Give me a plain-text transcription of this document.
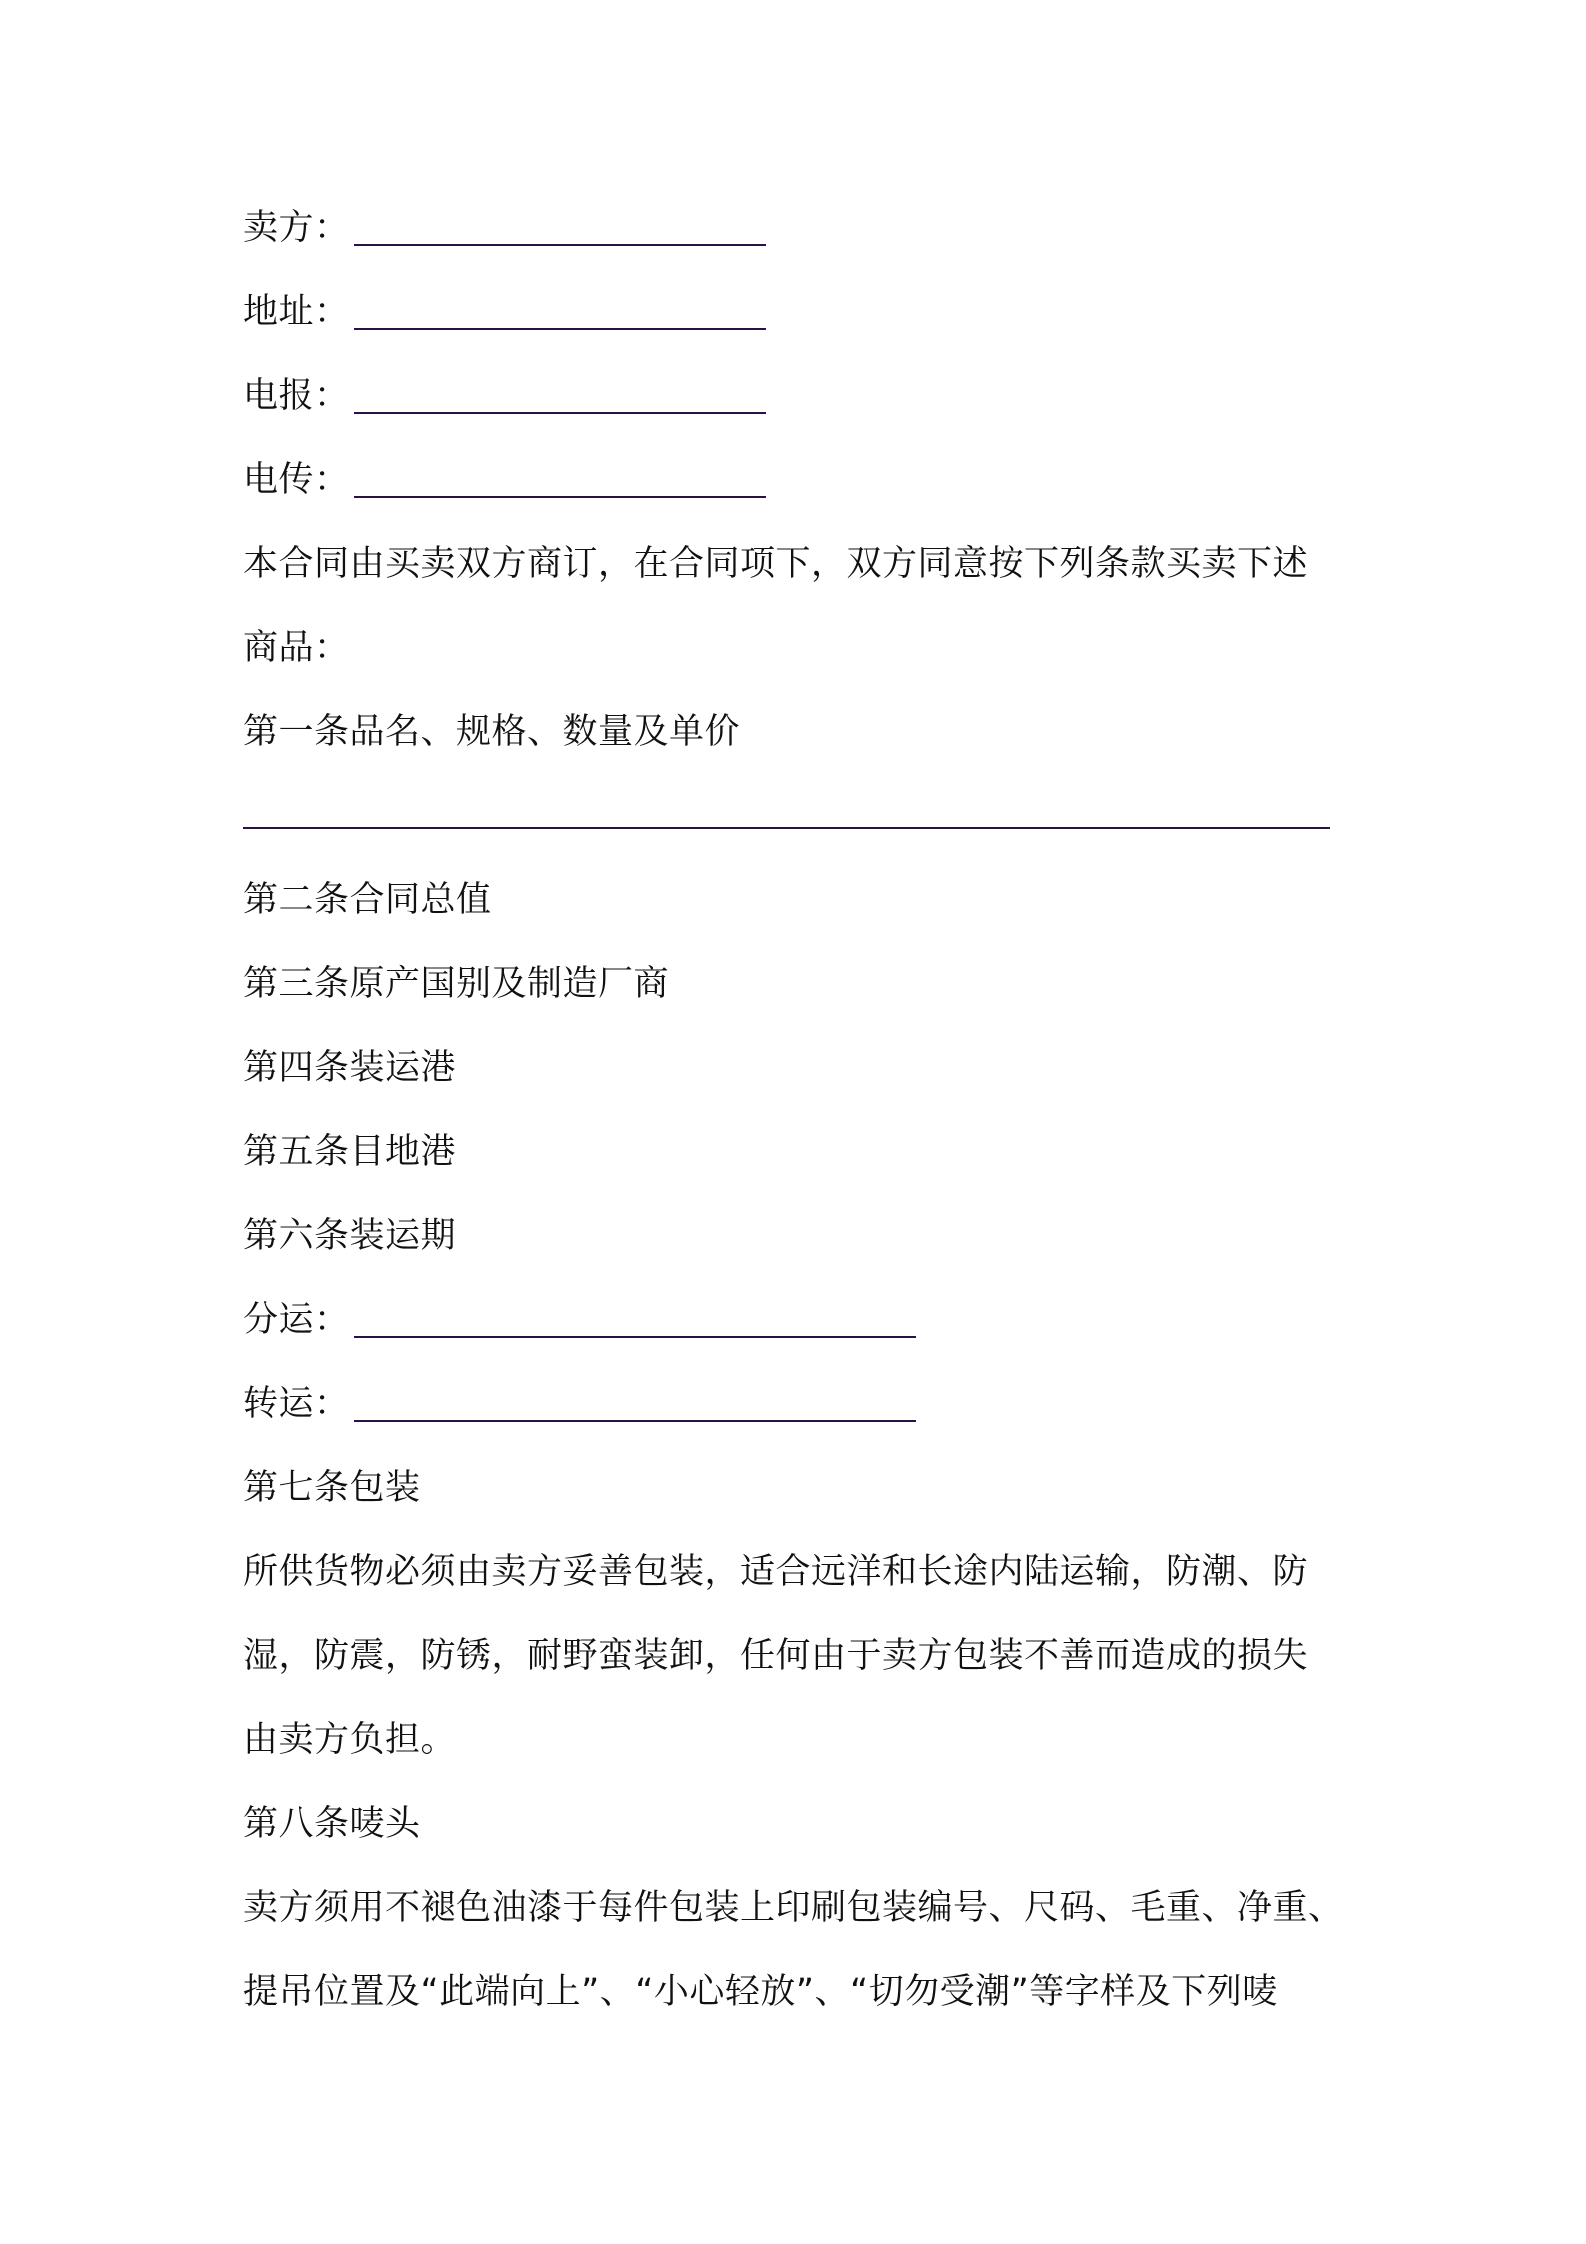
卖方：
地址：
电报：
电传：
本合同由买卖双方商订，在合同项下，双方同意按下列条款买卖下述
商品：
第一条品名、规格、数量及单价
第二条合同总值
第三条原产国别及制造厂商
第四条装运港
第五条目地港
第六条装运期
分运：
转运：
第七条包装
所供货物必须由卖方妥善包装，适合远洋和长途内陆运输，防潮、防
湿，防震，防锈，耐野蛮装卸，任何由于卖方包装不善而造成的损失
由卖方负担。
第八条唛头
卖方须用不褪色油漆于每件包装上印刷包装编号、尺码、毛重、净重、
提吊位置及“此端向上”、“小心轻放”、“切勿受潮”等字样及下列唛
